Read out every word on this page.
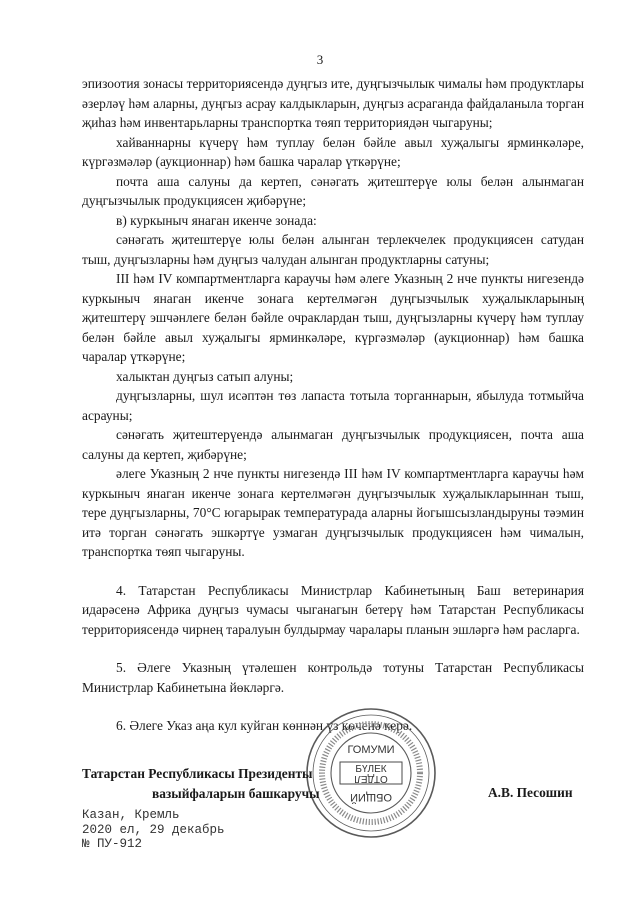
3

эпизоотия зонасы территориясендә дуңгыз ите, дуңгызчылык чималы һәм продуктлары әзерләү һәм аларны, дуңгыз асрау калдыкларын, дуңгыз асраганда файдаланыла торган җиһаз һәм инвентарьларны транспортка төяп территориядән чыгаруны;

хайваннарны күчерү һәм туплау белән бәйле авыл хуҗалыгы ярминкәләре, күргәзмәләр (аукционнар) һәм башка чаралар үткәрүне;

почта аша салуны да кертеп, сәнәгать җитештерүе юлы белән алынмаган дуңгызчылык продукциясен җибәрүне;

в) куркыныч янаган икенче зонада:

сәнәгать җитештерүе юлы белән алынган терлекчелек продукциясен сатудан тыш, дуңгызларны һәм дуңгыз чалудан алынган продуктларны сатуны;

III һәм IV компартментларга караучы һәм әлеге Указның 2 нче пункты нигезендә куркыныч янаган икенче зонага кертелмәгән дуңгызчылык хуҗалыкларының җитештерү эшчәнлеге белән бәйле очраклардан тыш, дуңгызларны күчерү һәм туплау белән бәйле авыл хуҗалыгы ярминкәләре, күргәзмәләр (аукционнар) һәм башка чаралар үткәрүне;

халыктан дуңгыз сатып алуны;

дуңгызларны, шул исәптән төз лапаста тотыла торганнарын, ябылуда тотмыйча асрауны;

сәнәгать җитештерүендә алынмаган дуңгызчылык продукциясен, почта аша салуны да кертеп, җибәрүне;

әлеге Указның 2 нче пункты нигезендә III һәм IV компартментларга караучы һәм куркыныч янаган икенче зонага кертелмәгән дуңгызчылык хуҗалыкларыннан тыш, тере дуңгызларны, 70°С югарырак температурада аларны йогышсызландыруны тәэмин итә торган сәнәгать эшкәртүе узмаган дуңгызчылык продукциясен һәм чималын, транспортка төяп чыгаруны.

4. Татарстан Республикасы Министрлар Кабинетының Баш ветеринария идарәсенә Африка дуңгыз чумасы чыганагын бетерү һәм Татарстан Республикасы территориясендә чирнең таралуын булдырмау чаралары планын эшләргә һәм расларга.

5. Әлеге Указның үтәлешен контрольдә тотуны Татарстан Республикасы Министрлар Кабинетына йөкләргә.

6. Әлеге Указ аңа кул куйган көннән үз көченә керә.

ГОМУМИ
БҮЛЕК
ОТДЕЛ
ОБЩИЙ
Татарстан Республикасы Президенты
вазыйфаларын башкаручы	А.В. Песошин
Казан, Кремль
2020 ел, 29 декабрь
№ ПУ-912
